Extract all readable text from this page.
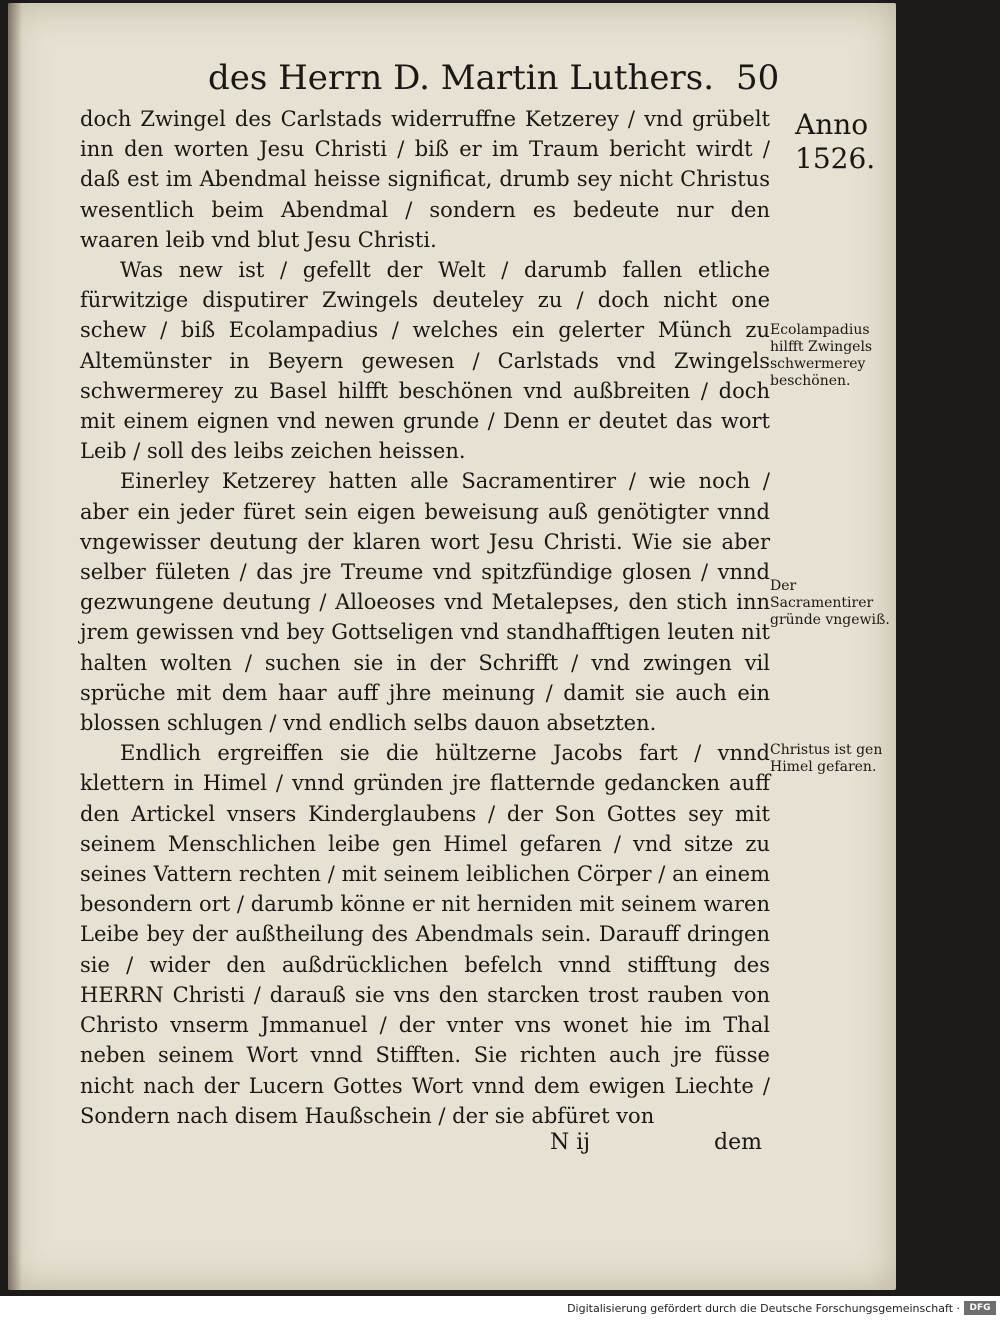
des Herrn D. Martin Luthers. 50
Anno 1526.
Ecolampadius hilfft Zwingels schwermerey beschönen.
Der Sacramentirer gründe vngewiß.
Christus ist gen Himel gefaren.

doch Zwingel des Carlstads widerruffne Ketzerey / vnd grübelt inn den worten Jesu Christi / biß er im Traum bericht wirdt / daß est im Abendmal heisse significat, drumb sey nicht Christus wesentlich beim Abendmal / sondern es bedeute nur den waaren leib vnd blut Jesu Christi.

Was new ist / gefellt der Welt / darumb fallen etliche fürwitzige disputirer Zwingels deuteley zu / doch nicht one schew / biß Ecolampadius / welches ein gelerter Münch zu Altemünster in Beyern gewesen / Carlstads vnd Zwingels schwermerey zu Basel hilfft beschönen vnd außbreiten / doch mit einem eignen vnd newen grunde / Denn er deutet das wort Leib / soll des leibs zeichen heissen.

Einerley Ketzerey hatten alle Sacramentirer / wie noch / aber ein jeder füret sein eigen beweisung auß genötigter vnnd vngewisser deutung der klaren wort Jesu Christi. Wie sie aber selber fületen / das jre Treume vnd spitzfündige glosen / vnnd gezwungene deutung / Alloeoses vnd Metalepses, den stich inn jrem gewissen vnd bey Gottseligen vnd standhafftigen leuten nit halten wolten / suchen sie in der Schrifft / vnd zwingen vil sprüche mit dem haar auff jhre meinung / damit sie auch ein blossen schlugen / vnd endlich selbs dauon absetzten.

Endlich ergreiffen sie die hültzerne Jacobs fart / vnnd klettern in Himel / vnnd gründen jre flatternde gedancken auff den Artickel vnsers Kinderglaubens / der Son Gottes sey mit seinem Menschlichen leibe gen Himel gefaren / vnd sitze zu seines Vattern rechten / mit seinem leiblichen Cörper / an einem besondern ort / darumb könne er nit herniden mit seinem waren Leibe bey der außtheilung des Abendmals sein. Darauff dringen sie / wider den außdrücklichen befelch vnnd stifftung des HERRN Christi / darauß sie vns den starcken trost rauben von Christo vnserm Jmmanuel / der vnter vns wonet hie im Thal neben seinem Wort vnnd Stifften. Sie richten auch jre füsse nicht nach der Lucern Gottes Wort vnnd dem ewigen Liechte / Sondern nach disem Haußschein / der sie abfüret von

N ij	dem
Digitalisierung gefördert durch die Deutsche Forschungsgemeinschaft ·	DFG
